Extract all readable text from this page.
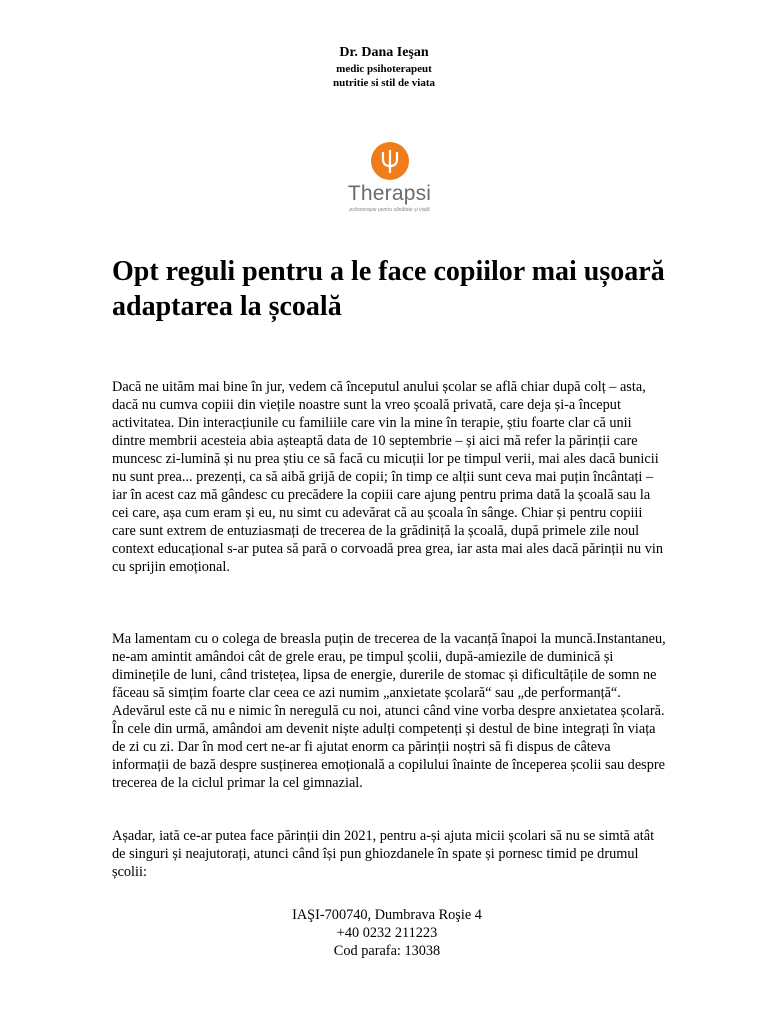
Dr. Dana Ieşan
medic psihoterapeut
nutritie si stil de viata
Therapsi
psihoterapie pentru sănătate și viață
Opt reguli pentru a le face copiilor mai ușoară adaptarea la școală

Dacă ne uităm mai bine în jur, vedem că începutul anului școlar se află chiar după colț – asta, dacă nu cumva copiii din viețile noastre sunt la vreo școală privată, care deja și-a început activitatea. Din interacțiunile cu familiile care vin la mine în terapie, știu foarte clar că unii dintre membrii acesteia abia așteaptă data de 10 septembrie – și aici mă refer la părinții care muncesc zi-lumină și nu prea știu ce să facă cu micuții lor pe timpul verii, mai ales dacă bunicii nu sunt prea... prezenți, ca să aibă grijă de copii; în timp ce alții sunt ceva mai puțin încântați – iar în acest caz mă gândesc cu precădere la copiii care ajung pentru prima dată la școală sau la cei care, așa cum eram și eu, nu simt cu adevărat că au școala în sânge. Chiar și pentru copiii care sunt extrem de entuziasmați de trecerea de la grădiniță la școală, după primele zile noul context educațional s-ar putea să pară o corvoadă prea grea, iar asta mai ales dacă părinții nu vin cu sprijin emoțional.

Ma lamentam cu o colega de breasla puțin de trecerea de la vacanță înapoi la muncă.Instantaneu, ne-am amintit amândoi cât de grele erau, pe timpul școlii, după-amiezile de duminică și diminețile de luni, când tristețea, lipsa de energie, durerile de stomac și dificultățile de somn ne făceau să simțim foarte clar ceea ce azi numim „anxietate școlară“ sau „de performanță“. Adevărul este că nu e nimic în neregulă cu noi, atunci când vine vorba despre anxietatea școlară. În cele din urmă, amândoi am devenit niște adulți competenți și destul de bine integrați în viața de zi cu zi. Dar în mod cert ne-ar fi ajutat enorm ca părinții noștri să fi dispus de câteva informații de bază despre susținerea emoțională a copilului înainte de începerea școlii sau despre trecerea de la ciclul primar la cel gimnazial.

Așadar, iată ce-ar putea face părinții din 2021, pentru a-și ajuta micii școlari să nu se simtă atât de singuri și neajutorați, atunci când își pun ghiozdanele în spate și pornesc timid pe drumul școlii:

IAŞI-700740, Dumbrava Roşie 4
+40 0232 211223
Cod parafa: 13038
